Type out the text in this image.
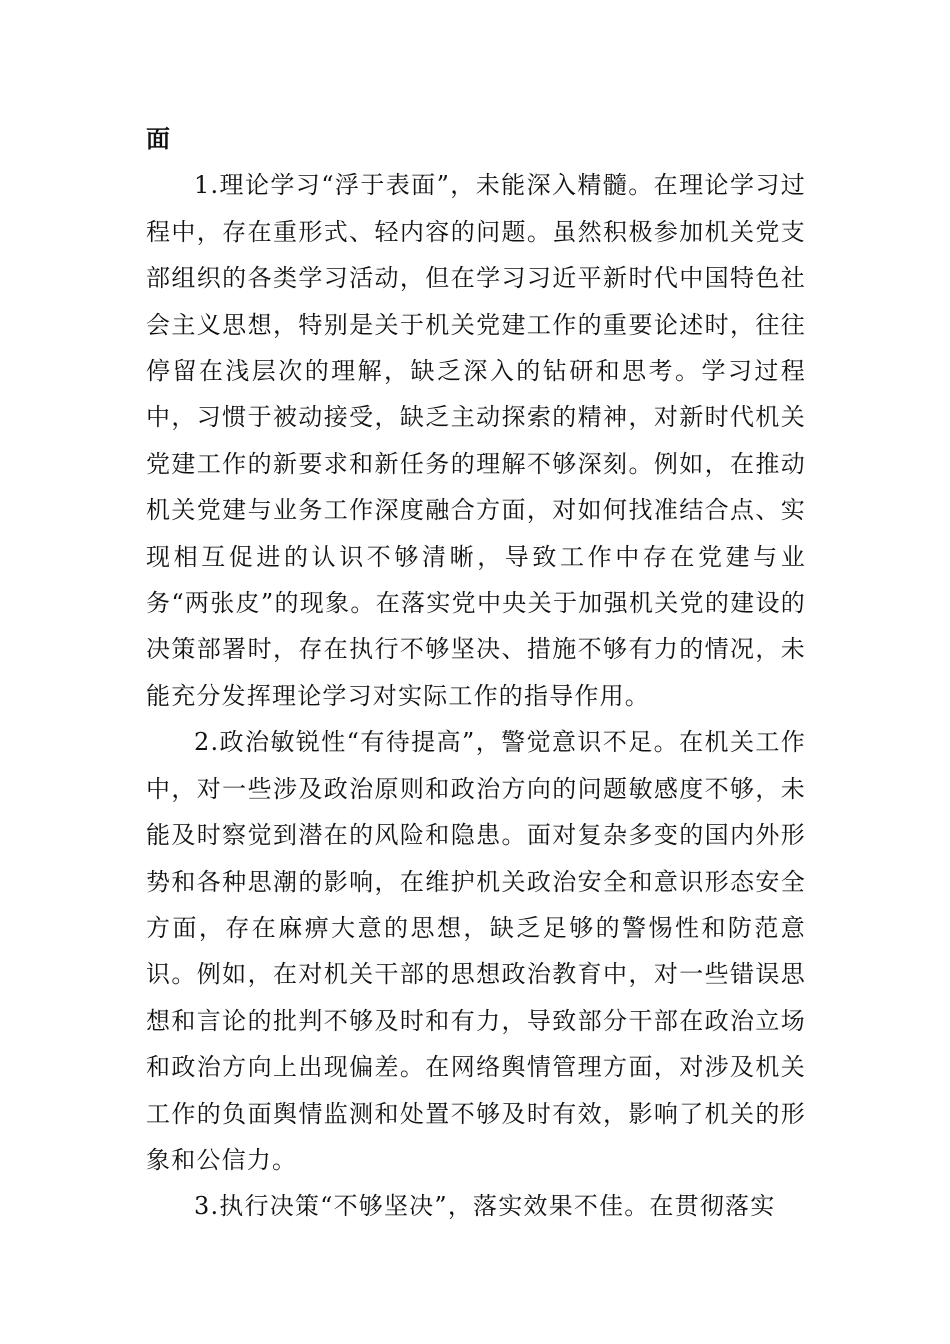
面

1.理论学习“浮于表面”，未能深入精髓。在理论学习过程中，存在重形式、轻内容的问题。虽然积极参加机关党支部组织的各类学习活动，但在学习习近平新时代中国特色社会主义思想，特别是关于机关党建工作的重要论述时，往往停留在浅层次的理解，缺乏深入的钻研和思考。学习过程中，习惯于被动接受，缺乏主动探索的精神，对新时代机关党建工作的新要求和新任务的理解不够深刻。例如，在推动机关党建与业务工作深度融合方面，对如何找准结合点、实现相互促进的认识不够清晰，导致工作中存在党建与业务“两张皮”的现象。在落实党中央关于加强机关党的建设的决策部署时，存在执行不够坚决、措施不够有力的情况，未能充分发挥理论学习对实际工作的指导作用。

2.政治敏锐性“有待提高”，警觉意识不足。在机关工作中，对一些涉及政治原则和政治方向的问题敏感度不够，未能及时察觉到潜在的风险和隐患。面对复杂多变的国内外形势和各种思潮的影响，在维护机关政治安全和意识形态安全方面，存在麻痹大意的思想，缺乏足够的警惕性和防范意识。例如，在对机关干部的思想政治教育中，对一些错误思想和言论的批判不够及时和有力，导致部分干部在政治立场和政治方向上出现偏差。在网络舆情管理方面，对涉及机关工作的负面舆情监测和处置不够及时有效，影响了机关的形象和公信力。

3.执行决策“不够坚决”，落实效果不佳。在贯彻落实
